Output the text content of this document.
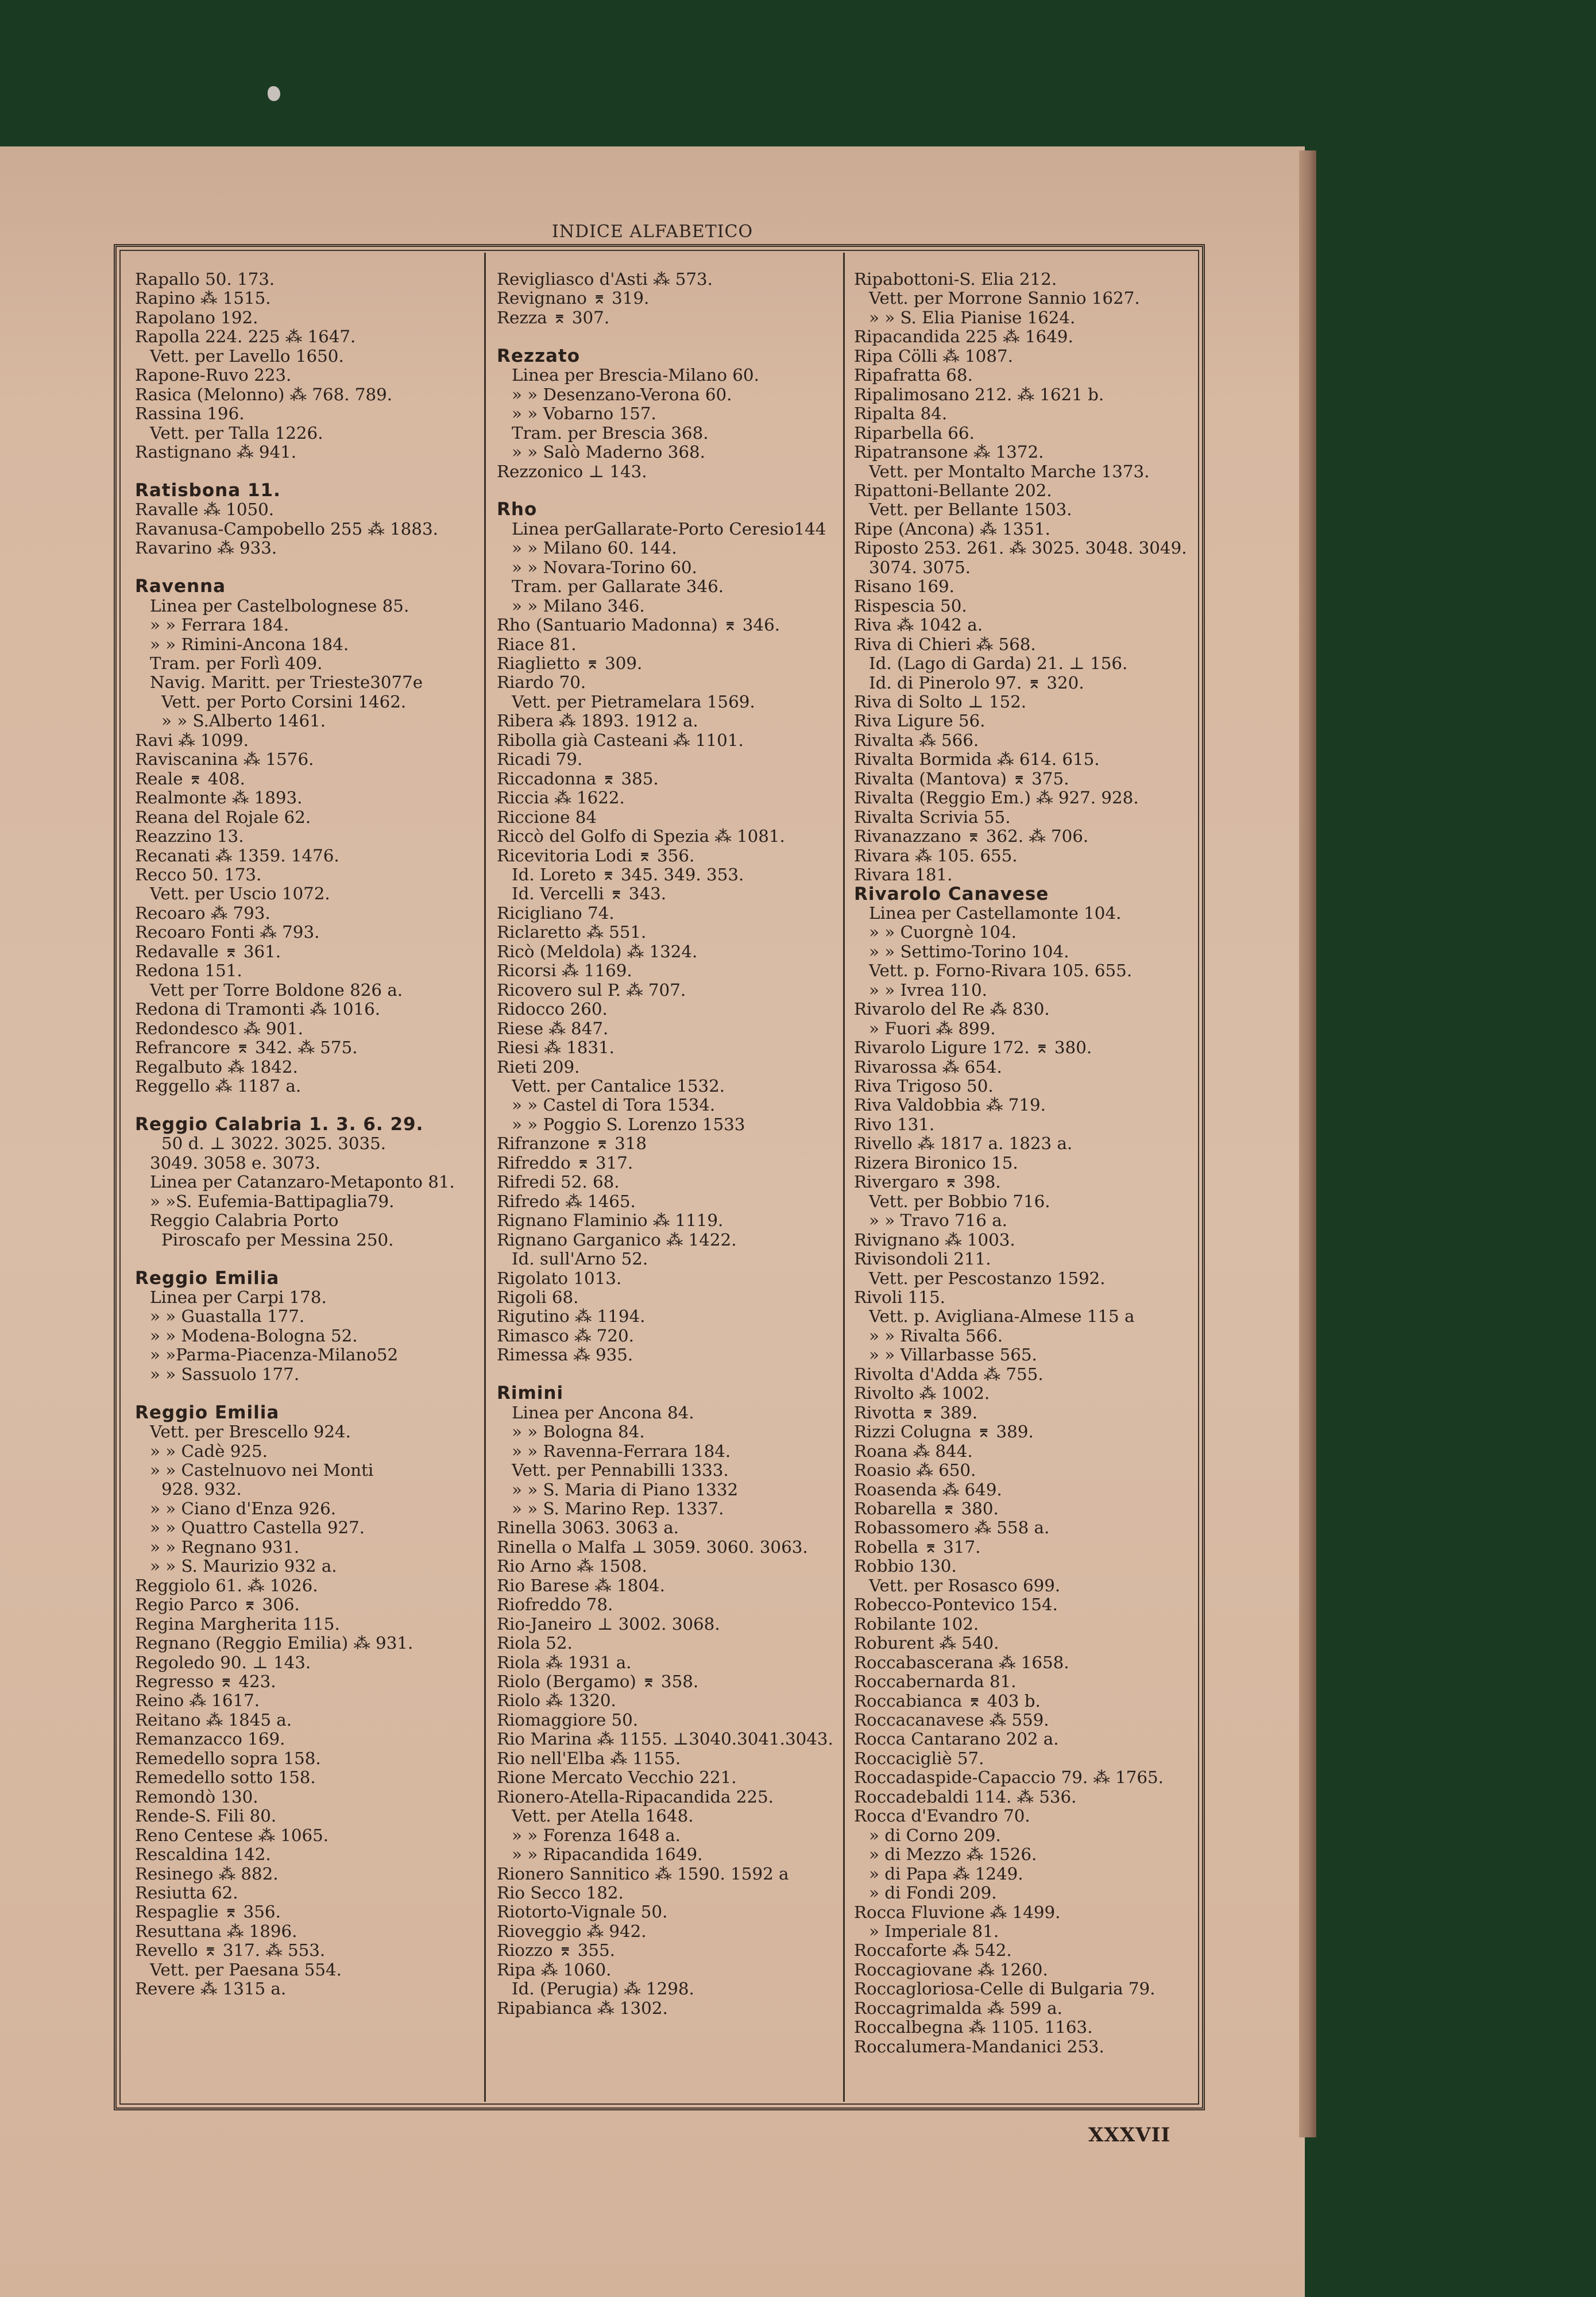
INDICE ALFABETICO
Rapallo 50. 173.
Rapino ⁂ 1515.
Rapolano 192.
Rapolla 224. 225 ⁂ 1647.
Vett. per Lavello 1650.
Rapone-Ruvo 223.
Rasica (Melonno) ⁂ 768. 789.
Rassina 196.
Vett. per Talla 1226.
Rastignano ⁂ 941.
Ratisbona 11.
Ravalle ⁂ 1050.
Ravanusa-Campobello 255 ⁂ 1883.
Ravarino ⁂ 933.
Ravenna
Linea per Castelbolognese 85.
» » Ferrara 184.
» » Rimini-Ancona 184.
Tram. per Forlì 409.
Navig. Maritt. per Trieste3077e
Vett. per Porto Corsini 1462.
» » S.Alberto 1461.
Ravi ⁂ 1099.
Raviscanina ⁂ 1576.
Reale ⌆ 408.
Realmonte ⁂ 1893.
Reana del Rojale 62.
Reazzino 13.
Recanati ⁂ 1359. 1476.
Recco 50. 173.
Vett. per Uscio 1072.
Recoaro ⁂ 793.
Recoaro Fonti ⁂ 793.
Redavalle ⌆ 361.
Redona 151.
Vett per Torre Boldone 826 a.
Redona di Tramonti ⁂ 1016.
Redondesco ⁂ 901.
Refrancore ⌆ 342. ⁂ 575.
Regalbuto ⁂ 1842.
Reggello ⁂ 1187 a.
Reggio Calabria 1. 3. 6. 29.
50 d. ⊥ 3022. 3025. 3035.
3049. 3058 e. 3073.
Linea per Catanzaro-Metaponto 81.
» »S. Eufemia-Battipaglia79.
Reggio Calabria Porto
Piroscafo per Messina 250.
Reggio Emilia
Linea per Carpi 178.
» » Guastalla 177.
» » Modena-Bologna 52.
» »Parma-Piacenza-Milano52
» » Sassuolo 177.
Reggio Emilia
Vett. per Brescello 924.
» » Cadè 925.
» » Castelnuovo nei Monti
928. 932.
» » Ciano d'Enza 926.
» » Quattro Castella 927.
» » Regnano 931.
» » S. Maurizio 932 a.
Reggiolo 61. ⁂ 1026.
Regio Parco ⌆ 306.
Regina Margherita 115.
Regnano (Reggio Emilia) ⁂ 931.
Regoledo 90. ⊥ 143.
Regresso ⌆ 423.
Reino ⁂ 1617.
Reitano ⁂ 1845 a.
Remanzacco 169.
Remedello sopra 158.
Remedello sotto 158.
Remondò 130.
Rende-S. Fili 80.
Reno Centese ⁂ 1065.
Rescaldina 142.
Resinego ⁂ 882.
Resiutta 62.
Respaglie ⌆ 356.
Resuttana ⁂ 1896.
Revello ⌆ 317. ⁂ 553.
Vett. per Paesana 554.
Revere ⁂ 1315 a.
Revigliasco d'Asti ⁂ 573.
Revignano ⌆ 319.
Rezza ⌆ 307.
Rezzato
Linea per Brescia-Milano 60.
» » Desenzano-Verona 60.
» » Vobarno 157.
Tram. per Brescia 368.
» » Salò Maderno 368.
Rezzonico ⊥ 143.
Rho
Linea perGallarate-Porto Ceresio144
» » Milano 60. 144.
» » Novara-Torino 60.
Tram. per Gallarate 346.
» » Milano 346.
Rho (Santuario Madonna) ⌆ 346.
Riace 81.
Riaglietto ⌆ 309.
Riardo 70.
Vett. per Pietramelara 1569.
Ribera ⁂ 1893. 1912 a.
Ribolla già Casteani ⁂ 1101.
Ricadi 79.
Riccadonna ⌆ 385.
Riccia ⁂ 1622.
Riccione 84
Riccò del Golfo di Spezia ⁂ 1081.
Ricevitoria Lodi ⌆ 356.
Id. Loreto ⌆ 345. 349. 353.
Id. Vercelli ⌆ 343.
Ricigliano 74.
Riclaretto ⁂ 551.
Ricò (Meldola) ⁂ 1324.
Ricorsi ⁂ 1169.
Ricovero sul P. ⁂ 707.
Ridocco 260.
Riese ⁂ 847.
Riesi ⁂ 1831.
Rieti 209.
Vett. per Cantalice 1532.
» » Castel di Tora 1534.
» » Poggio S. Lorenzo 1533
Rifranzone ⌆ 318
Rifreddo ⌆ 317.
Rifredi 52. 68.
Rifredo ⁂ 1465.
Rignano Flaminio ⁂ 1119.
Rignano Garganico ⁂ 1422.
Id. sull'Arno 52.
Rigolato 1013.
Rigoli 68.
Rigutino ⁂ 1194.
Rimasco ⁂ 720.
Rimessa ⁂ 935.
Rimini
Linea per Ancona 84.
» » Bologna 84.
» » Ravenna-Ferrara 184.
Vett. per Pennabilli 1333.
» » S. Maria di Piano 1332
» » S. Marino Rep. 1337.
Rinella 3063. 3063 a.
Rinella o Malfa ⊥ 3059. 3060. 3063.
Rio Arno ⁂ 1508.
Rio Barese ⁂ 1804.
Riofreddo 78.
Rio-Janeiro ⊥ 3002. 3068.
Riola 52.
Riola ⁂ 1931 a.
Riolo (Bergamo) ⌆ 358.
Riolo ⁂ 1320.
Riomaggiore 50.
Rio Marina ⁂ 1155. ⊥3040.3041.3043.
Rio nell'Elba ⁂ 1155.
Rione Mercato Vecchio 221.
Rionero-Atella-Ripacandida 225.
Vett. per Atella 1648.
» » Forenza 1648 a.
» » Ripacandida 1649.
Rionero Sannitico ⁂ 1590. 1592 a
Rio Secco 182.
Riotorto-Vignale 50.
Rioveggio ⁂ 942.
Riozzo ⌆ 355.
Ripa ⁂ 1060.
Id. (Perugia) ⁂ 1298.
Ripabianca ⁂ 1302.
Ripabottoni-S. Elia 212.
Vett. per Morrone Sannio 1627.
» » S. Elia Pianise 1624.
Ripacandida 225 ⁂ 1649.
Ripa Cölli ⁂ 1087.
Ripafratta 68.
Ripalimosano 212. ⁂ 1621 b.
Ripalta 84.
Riparbella 66.
Ripatransone ⁂ 1372.
Vett. per Montalto Marche 1373.
Ripattoni-Bellante 202.
Vett. per Bellante 1503.
Ripe (Ancona) ⁂ 1351.
Riposto 253. 261. ⁂ 3025. 3048. 3049.
3074. 3075.
Risano 169.
Rispescia 50.
Riva ⁂ 1042 a.
Riva di Chieri ⁂ 568.
Id. (Lago di Garda) 21. ⊥ 156.
Id. di Pinerolo 97. ⌆ 320.
Riva di Solto ⊥ 152.
Riva Ligure 56.
Rivalta ⁂ 566.
Rivalta Bormida ⁂ 614. 615.
Rivalta (Mantova) ⌆ 375.
Rivalta (Reggio Em.) ⁂ 927. 928.
Rivalta Scrivia 55.
Rivanazzano ⌆ 362. ⁂ 706.
Rivara ⁂ 105. 655.
Rivara 181.
Rivarolo Canavese
Linea per Castellamonte 104.
» » Cuorgnè 104.
» » Settimo-Torino 104.
Vett. p. Forno-Rivara 105. 655.
» » Ivrea 110.
Rivarolo del Re ⁂ 830.
» Fuori ⁂ 899.
Rivarolo Ligure 172. ⌆ 380.
Rivarossa ⁂ 654.
Riva Trigoso 50.
Riva Valdobbia ⁂ 719.
Rivo 131.
Rivello ⁂ 1817 a. 1823 a.
Rizera Bironico 15.
Rivergaro ⌆ 398.
Vett. per Bobbio 716.
» » Travo 716 a.
Rivignano ⁂ 1003.
Rivisondoli 211.
Vett. per Pescostanzo 1592.
Rivoli 115.
Vett. p. Avigliana-Almese 115 a
» » Rivalta 566.
» » Villarbasse 565.
Rivolta d'Adda ⁂ 755.
Rivolto ⁂ 1002.
Rivotta ⌆ 389.
Rizzi Colugna ⌆ 389.
Roana ⁂ 844.
Roasio ⁂ 650.
Roasenda ⁂ 649.
Robarella ⌆ 380.
Robassomero ⁂ 558 a.
Robella ⌆ 317.
Robbio 130.
Vett. per Rosasco 699.
Robecco-Pontevico 154.
Robilante 102.
Roburent ⁂ 540.
Roccabascerana ⁂ 1658.
Roccabernarda 81.
Roccabianca ⌆ 403 b.
Roccacanavese ⁂ 559.
Rocca Cantarano 202 a.
Roccacigliè 57.
Roccadaspide-Capaccio 79. ⁂ 1765.
Roccadebaldi 114. ⁂ 536.
Rocca d'Evandro 70.
» di Corno 209.
» di Mezzo ⁂ 1526.
» di Papa ⁂ 1249.
» di Fondi 209.
Rocca Fluvione ⁂ 1499.
» Imperiale 81.
Roccaforte ⁂ 542.
Roccagiovane ⁂ 1260.
Roccagloriosa-Celle di Bulgaria 79.
Roccagrimalda ⁂ 599 a.
Roccalbegna ⁂ 1105. 1163.
Roccalumera-Mandanici 253.
XXXVII
